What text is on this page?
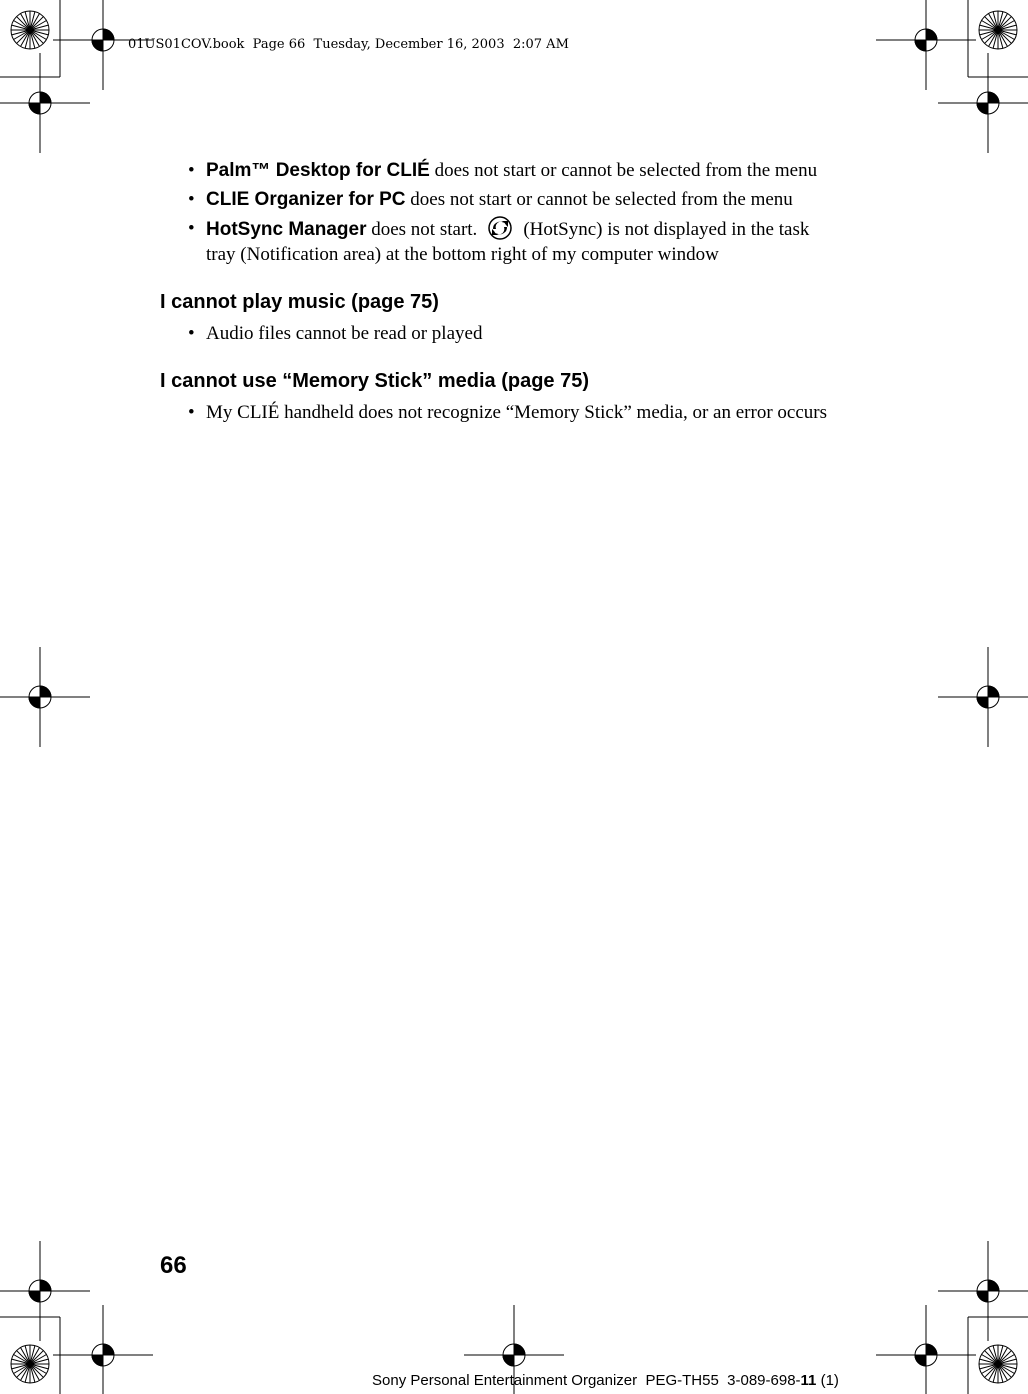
01US01COV.book  Page 66  Tuesday, December 16, 2003  2:07 AM
• Palm™ Desktop for CLIÉ does not start or cannot be selected from the menu
• CLIE Organizer for PC does not start or cannot be selected from the menu
• HotSync Manager does not start. (HotSync) is not displayed in the task tray (Notification area) at the bottom right of my computer window
I cannot play music (page 75)
• Audio files cannot be read or played
I cannot use “Memory Stick” media (page 75)
• My CLIÉ handheld does not recognize “Memory Stick” media, or an error occurs
66
Sony Personal Entertainment Organizer  PEG-TH55  3-089-698-11 (1)
